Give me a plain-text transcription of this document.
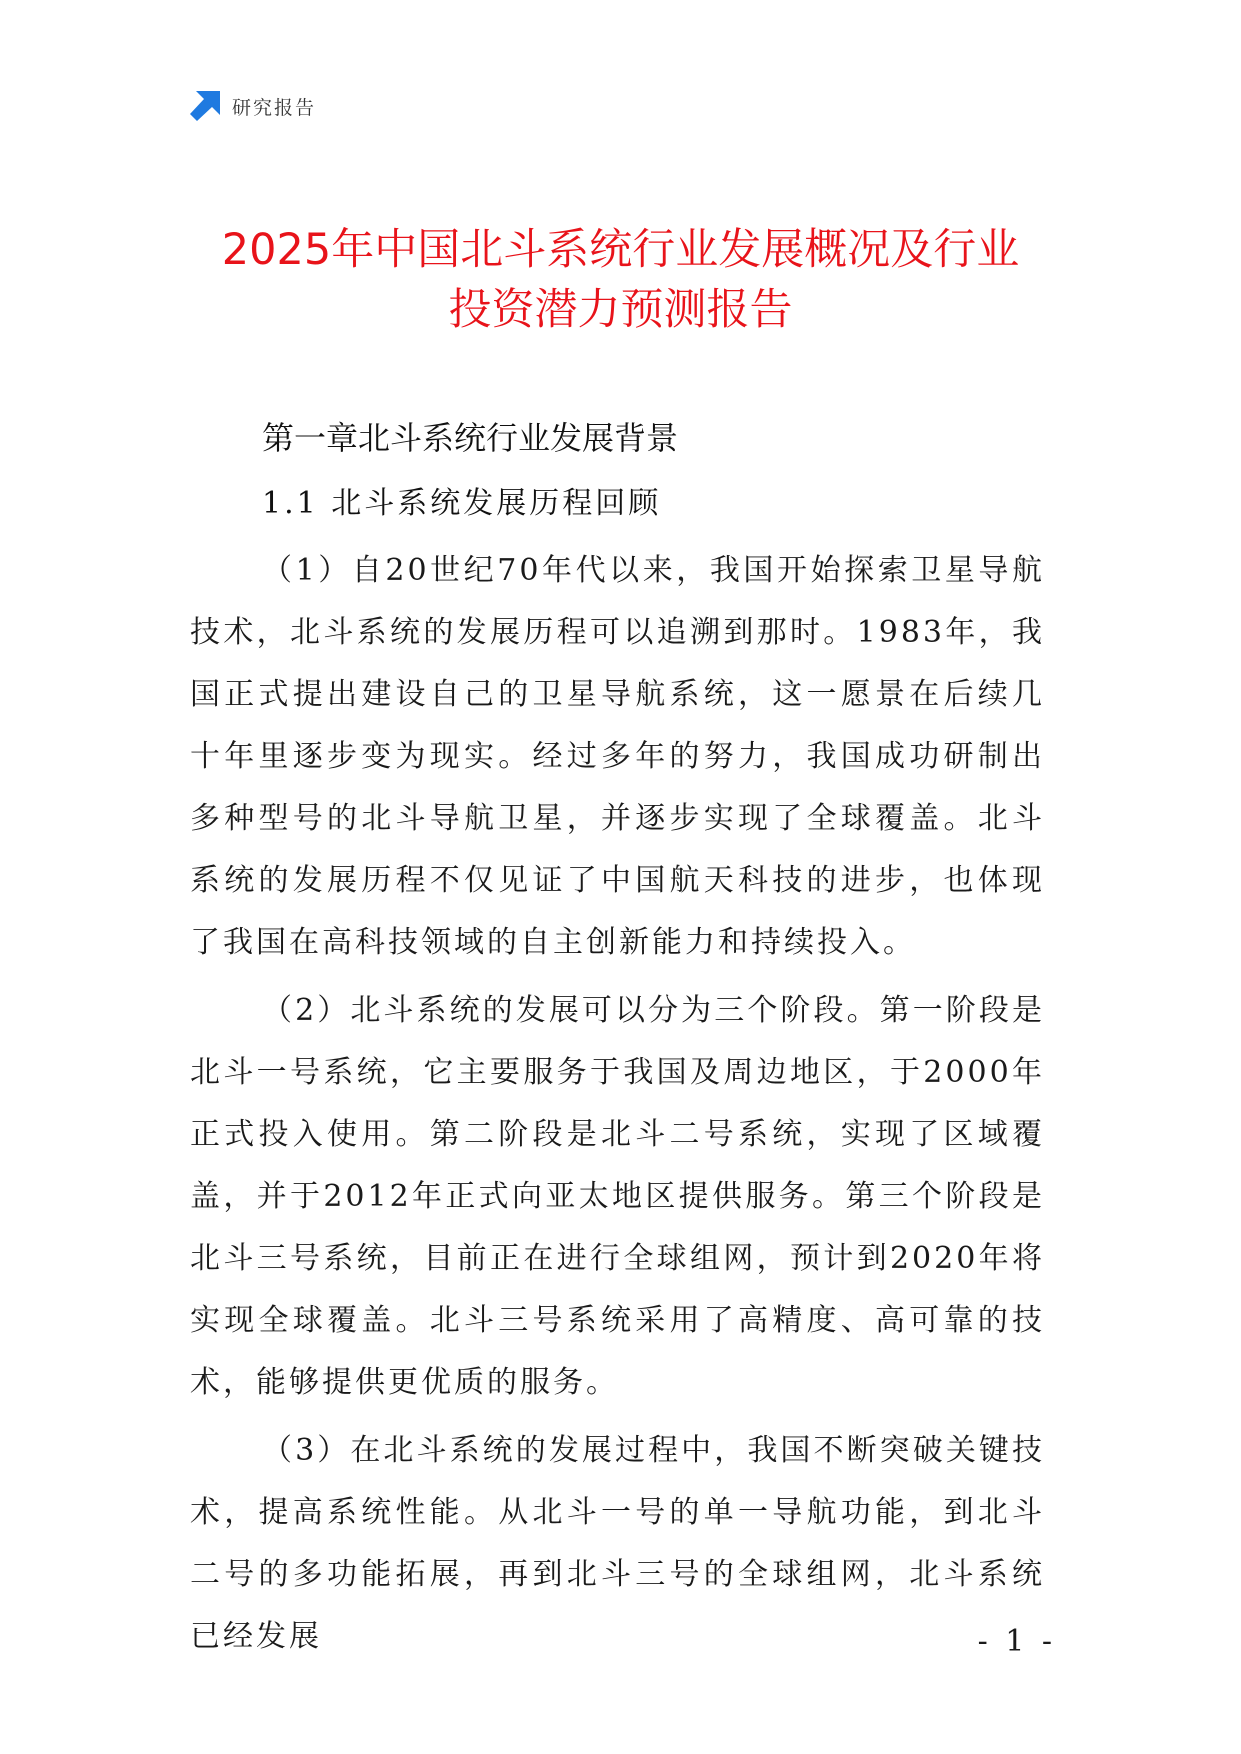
研究报告
2025年中国北斗系统行业发展概况及行业
投资潜力预测报告
第一章北斗系统行业发展背景
1.1 北斗系统发展历程回顾

（1）自20世纪70年代以来，我国开始探索卫星导航技术，北斗系统的发展历程可以追溯到那时。1983年，我国正式提出建设自己的卫星导航系统，这一愿景在后续几十年里逐步变为现实。经过多年的努力，我国成功研制出多种型号的北斗导航卫星，并逐步实现了全球覆盖。北斗系统的发展历程不仅见证了中国航天科技的进步，也体现了我国在高科技领域的自主创新能力和持续投入。

（2）北斗系统的发展可以分为三个阶段。第一阶段是北斗一号系统，它主要服务于我国及周边地区，于2000年正式投入使用。第二阶段是北斗二号系统，实现了区域覆盖，并于2012年正式向亚太地区提供服务。第三个阶段是北斗三号系统，目前正在进行全球组网，预计到2020年将实现全球覆盖。北斗三号系统采用了高精度、高可靠的技术，能够提供更优质的服务。

（3）在北斗系统的发展过程中，我国不断突破关键技术，提高系统性能。从北斗一号的单一导航功能，到北斗二号的多功能拓展，再到北斗三号的全球组网，北斗系统已经发展	- 1 -
